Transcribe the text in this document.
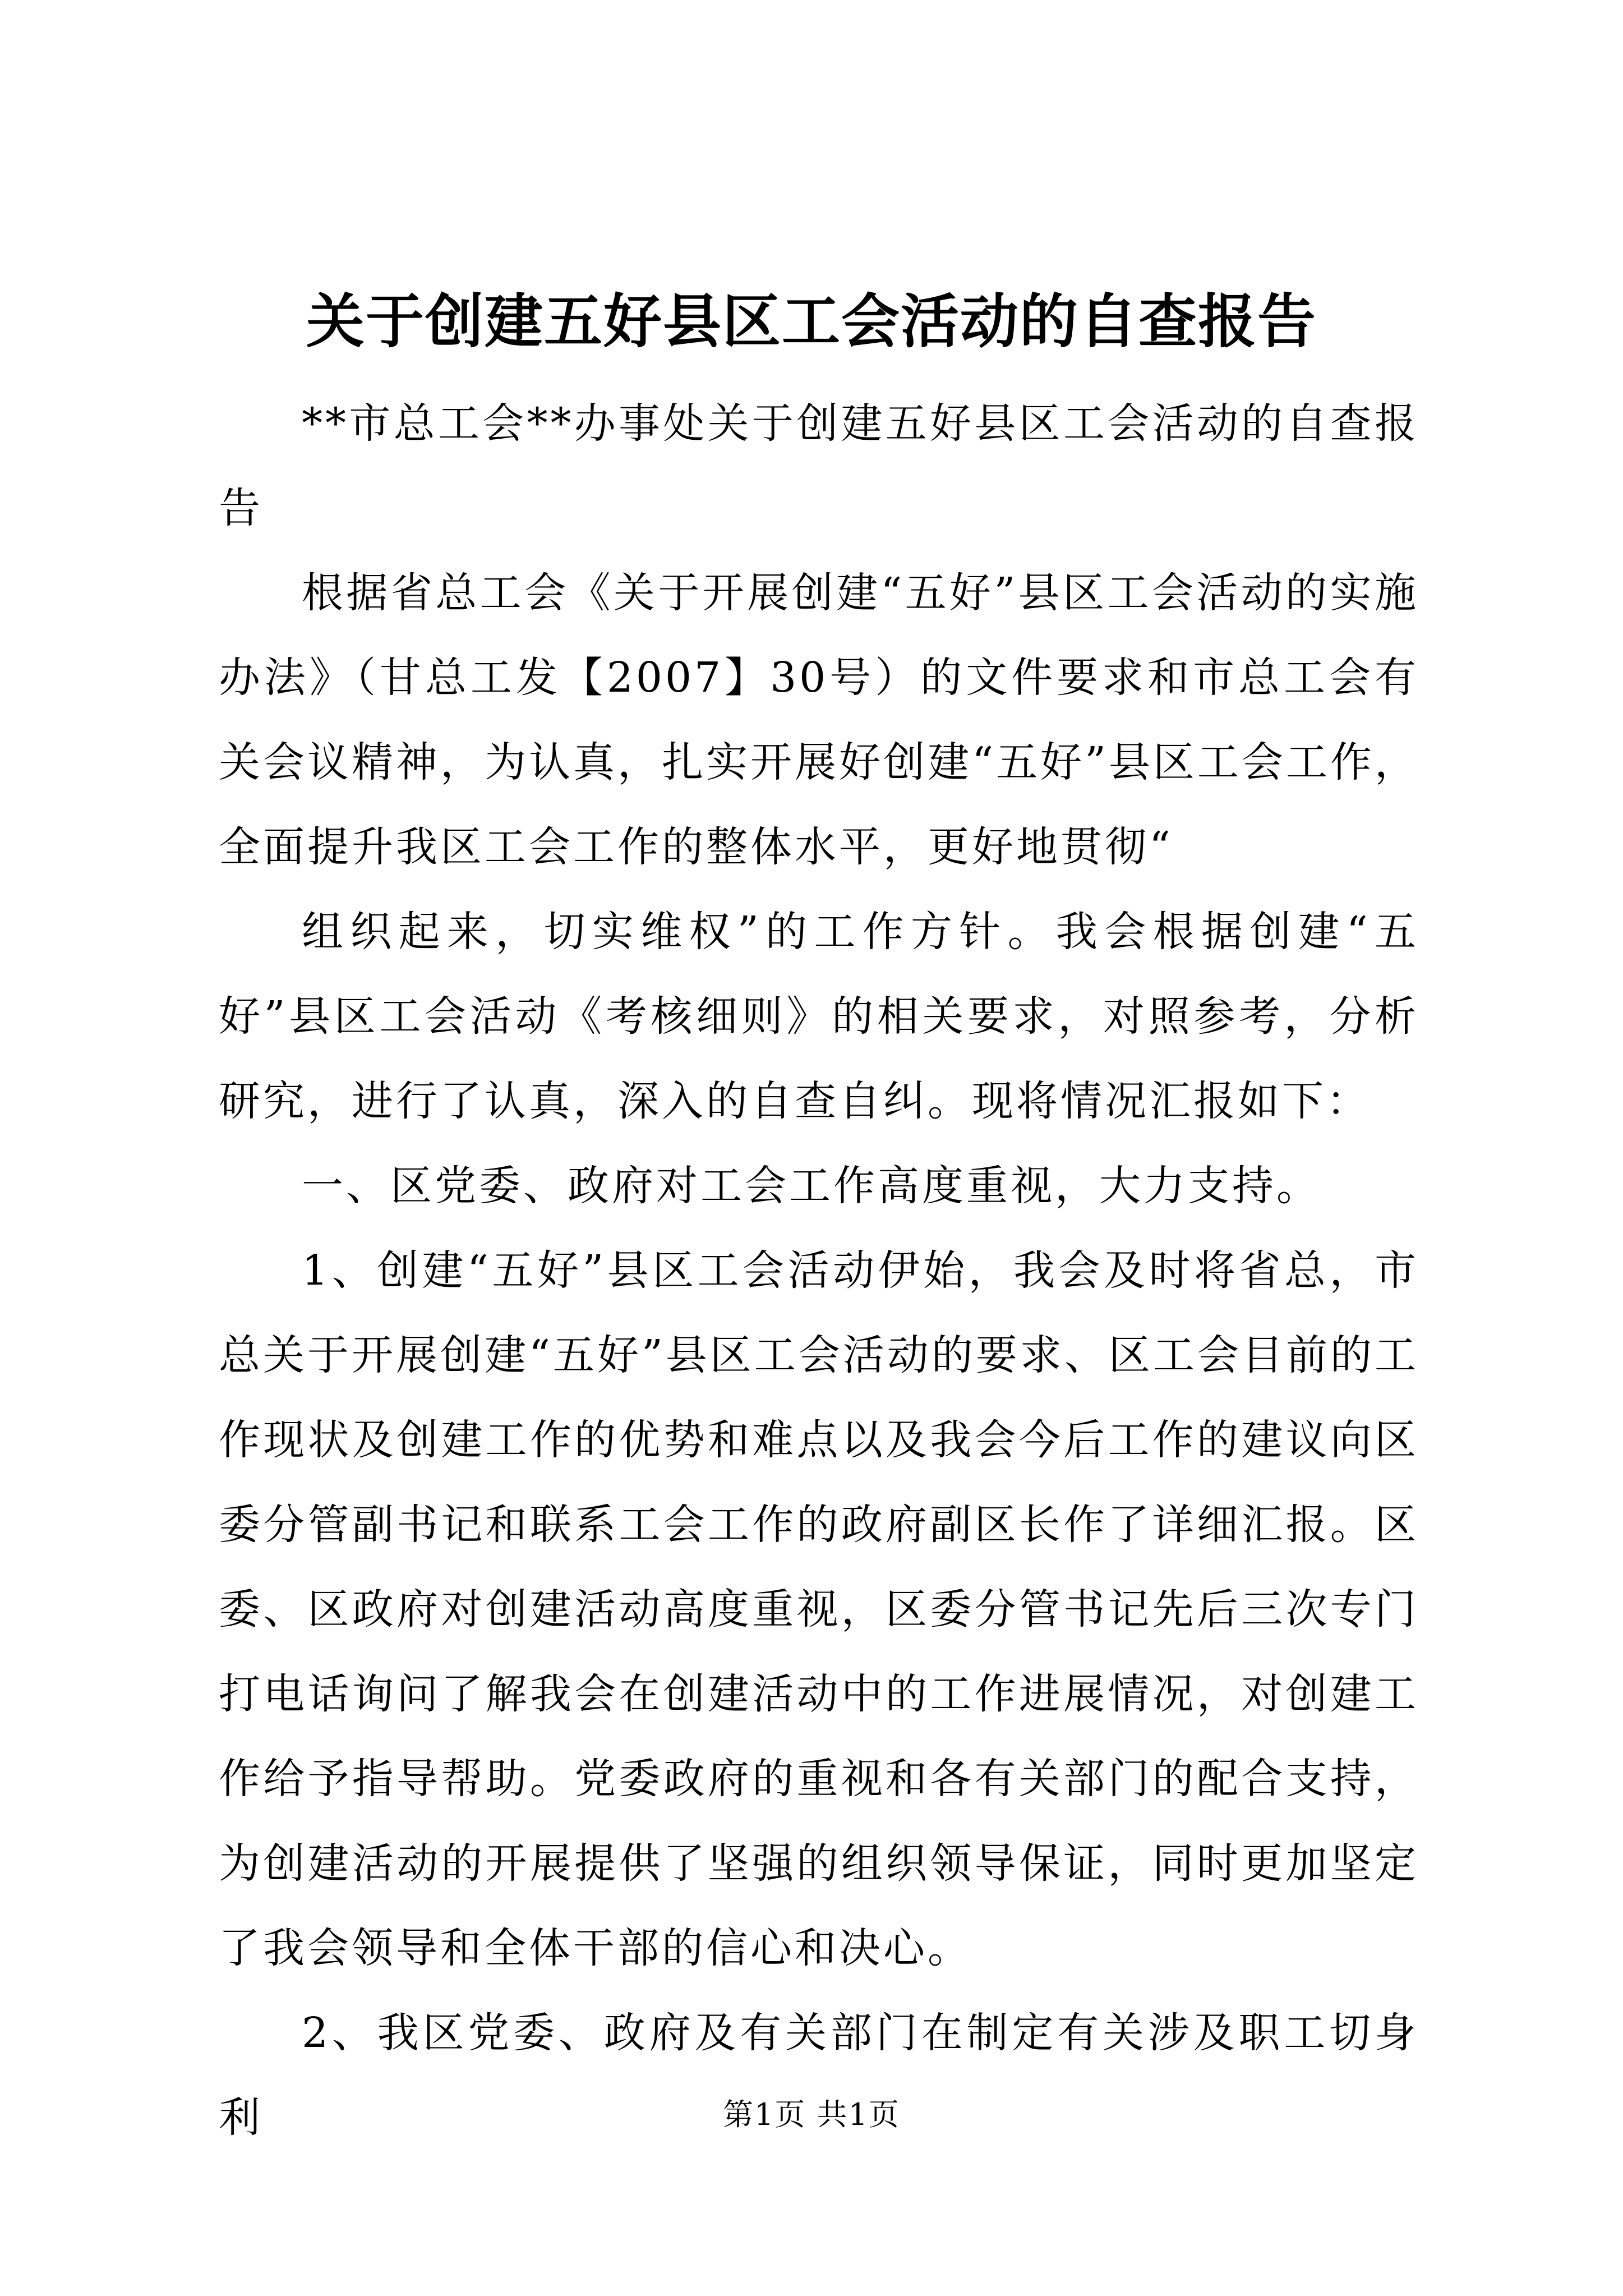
关于创建五好县区工会活动的自查报告

**市总工会**办事处关于创建五好县区工会活动的自查报告

根据省总工会《关于开展创建“五好”县区工会活动的实施办法》（甘总工发【2007】30号）的文件要求和市总工会有关会议精神，为认真，扎实开展好创建“五好”县区工会工作，全面提升我区工会工作的整体水平，更好地贯彻“

组织起来，切实维权”的工作方针。我会根据创建“五好”县区工会活动《考核细则》的相关要求，对照参考，分析研究，进行了认真，深入的自查自纠。现将情况汇报如下：

一、区党委、政府对工会工作高度重视，大力支持。

1、创建“五好”县区工会活动伊始，我会及时将省总，市总关于开展创建“五好”县区工会活动的要求、区工会目前的工作现状及创建工作的优势和难点以及我会今后工作的建议向区委分管副书记和联系工会工作的政府副区长作了详细汇报。区委、区政府对创建活动高度重视，区委分管书记先后三次专门打电话询问了解我会在创建活动中的工作进展情况，对创建工作给予指导帮助。党委政府的重视和各有关部门的配合支持，为创建活动的开展提供了坚强的组织领导保证，同时更加坚定了我会领导和全体干部的信心和决心。

2、我区党委、政府及有关部门在制定有关涉及职工切身利	第1页 共1页
